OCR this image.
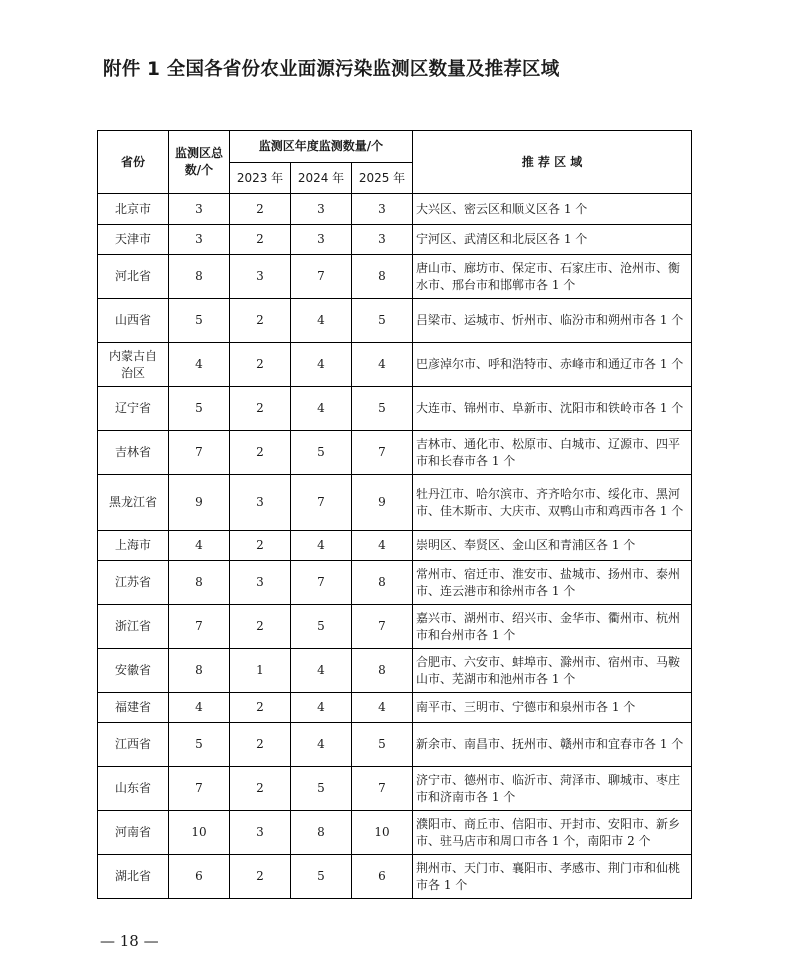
附件 1 全国各省份农业面源污染监测区数量及推荐区域
省份	监测区总数/个	监测区年度监测数量/个			推 荐 区 域
		2023 年	2024 年	2025 年	
北京市	3	2	3	3	大兴区、密云区和顺义区各 1 个
天津市	3	2	3	3	宁河区、武清区和北辰区各 1 个
河北省	8	3	7	8	唐山市、廊坊市、保定市、石家庄市、沧州市、衡水市、邢台市和邯郸市各 1 个
山西省	5	2	4	5	吕梁市、运城市、忻州市、临汾市和朔州市各 1 个
内蒙古自治区	4	2	4	4	巴彦淖尔市、呼和浩特市、赤峰市和通辽市各 1 个
辽宁省	5	2	4	5	大连市、锦州市、阜新市、沈阳市和铁岭市各 1 个
吉林省	7	2	5	7	吉林市、通化市、松原市、白城市、辽源市、四平市和长春市各 1 个
黑龙江省	9	3	7	9	牡丹江市、哈尔滨市、齐齐哈尔市、绥化市、黑河市、佳木斯市、大庆市、双鸭山市和鸡西市各 1 个
上海市	4	2	4	4	崇明区、奉贤区、金山区和青浦区各 1 个
江苏省	8	3	7	8	常州市、宿迁市、淮安市、盐城市、扬州市、泰州市、连云港市和徐州市各 1 个
浙江省	7	2	5	7	嘉兴市、湖州市、绍兴市、金华市、衢州市、杭州市和台州市各 1 个
安徽省	8	1	4	8	合肥市、六安市、蚌埠市、滁州市、宿州市、马鞍山市、芜湖市和池州市各 1 个
福建省	4	2	4	4	南平市、三明市、宁德市和泉州市各 1 个
江西省	5	2	4	5	新余市、南昌市、抚州市、赣州市和宜春市各 1 个
山东省	7	2	5	7	济宁市、德州市、临沂市、菏泽市、聊城市、枣庄市和济南市各 1 个
河南省	10	3	8	10	濮阳市、商丘市、信阳市、开封市、安阳市、新乡市、驻马店市和周口市各 1 个，南阳市 2 个
湖北省	6	2	5	6	荆州市、天门市、襄阳市、孝感市、荆门市和仙桃市各 1 个
— 18 —
